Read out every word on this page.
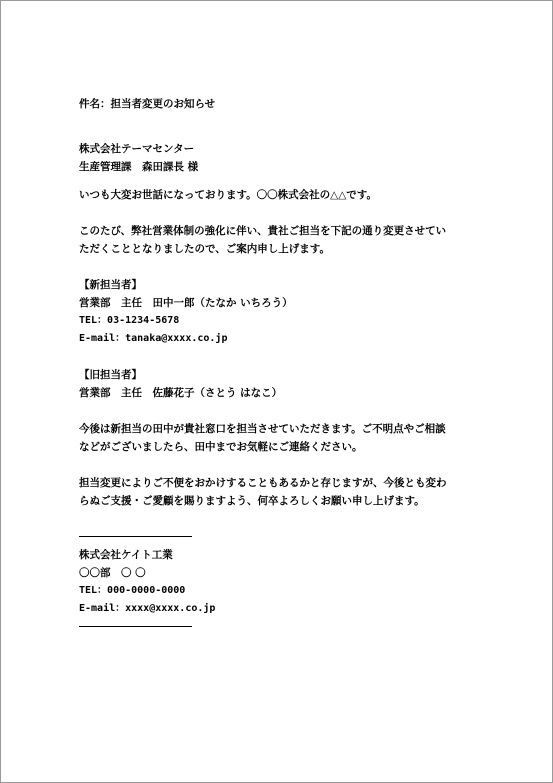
件名：担当者変更のお知らせ
株式会社テーマセンター
生産管理課　森田課長 様
いつも大変お世話になっております。〇〇株式会社の△△です。
このたび、弊社営業体制の強化に伴い、貴社ご担当を下記の通り変更させてい
ただくこととなりましたので、ご案内申し上げます。
【新担当者】
営業部　主任　田中一郎（たなか いちろう）
TEL：03-1234-5678
E-mail：tanaka@xxxx.co.jp
【旧担当者】
営業部　主任　佐藤花子（さとう はなこ）
今後は新担当の田中が貴社窓口を担当させていただきます。ご不明点やご相談
などがございましたら、田中までお気軽にご連絡ください。
担当変更によりご不便をおかけすることもあるかと存じますが、今後とも変わ
らぬご支援・ご愛顧を賜りますよう、何卒よろしくお願い申し上げます。
株式会社ケイト工業
〇〇部　〇 〇
TEL：000-0000-0000
E-mail：xxxx@xxxx.co.jp
